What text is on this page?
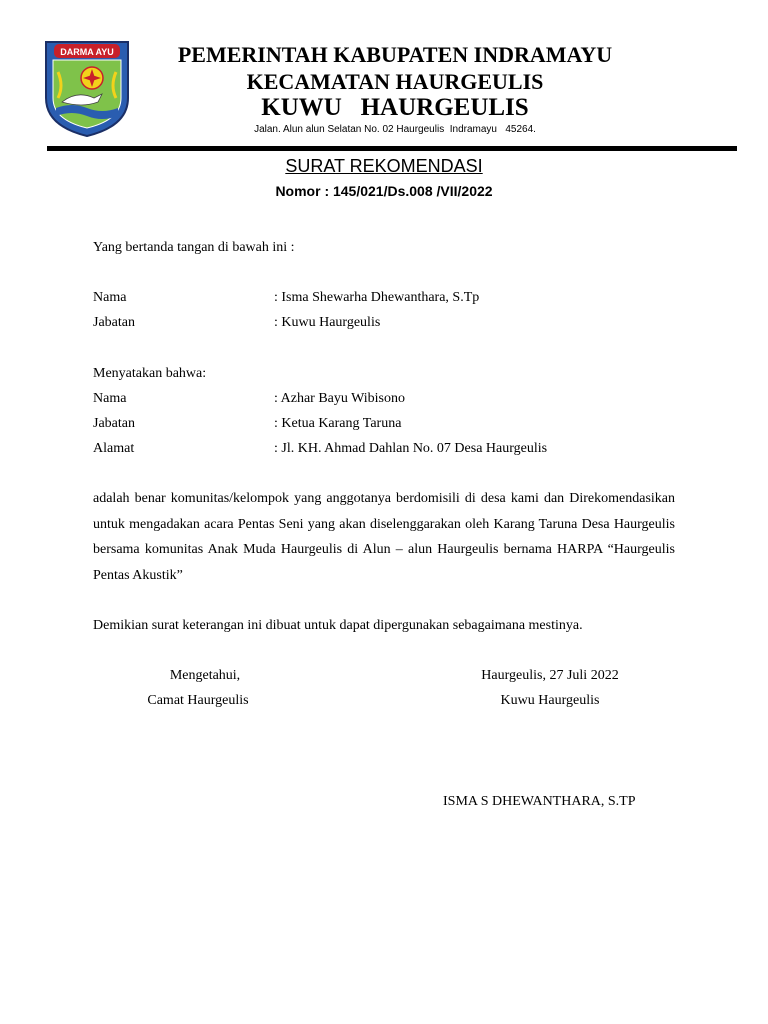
DARMA AYU	PEMERINTAH KABUPATEN INDRAMAYU
KECAMATAN HAURGEULIS
KUWU   HAURGEULIS
Jalan. Alun alun Selatan No. 02 Haurgeulis  Indramayu   45264.
SURAT REKOMENDASI
Nomor : 145/021/Ds.008 /VII/2022
Yang bertanda tangan di bawah ini :
Nama	: Isma Shewarha Dhewanthara, S.Tp
Jabatan	: Kuwu Haurgeulis
Menyatakan bahwa:
Nama	: Azhar Bayu Wibisono
Jabatan	: Ketua Karang Taruna
Alamat	: Jl. KH. Ahmad Dahlan No. 07 Desa Haurgeulis
adalah benar komunitas/kelompok yang anggotanya berdomisili di desa kami dan Direkomendasikan untuk mengadakan acara Pentas Seni yang akan diselenggarakan oleh Karang Taruna Desa Haurgeulis bersama komunitas Anak Muda Haurgeulis di Alun – alun Haurgeulis bernama HARPA “Haurgeulis Pentas Akustik”
Demikian surat keterangan ini dibuat untuk dapat dipergunakan sebagaimana mestinya.
Mengetahui,
Camat Haurgeulis
Haurgeulis, 27 Juli 2022
Kuwu Haurgeulis
ISMA S DHEWANTHARA, S.TP
